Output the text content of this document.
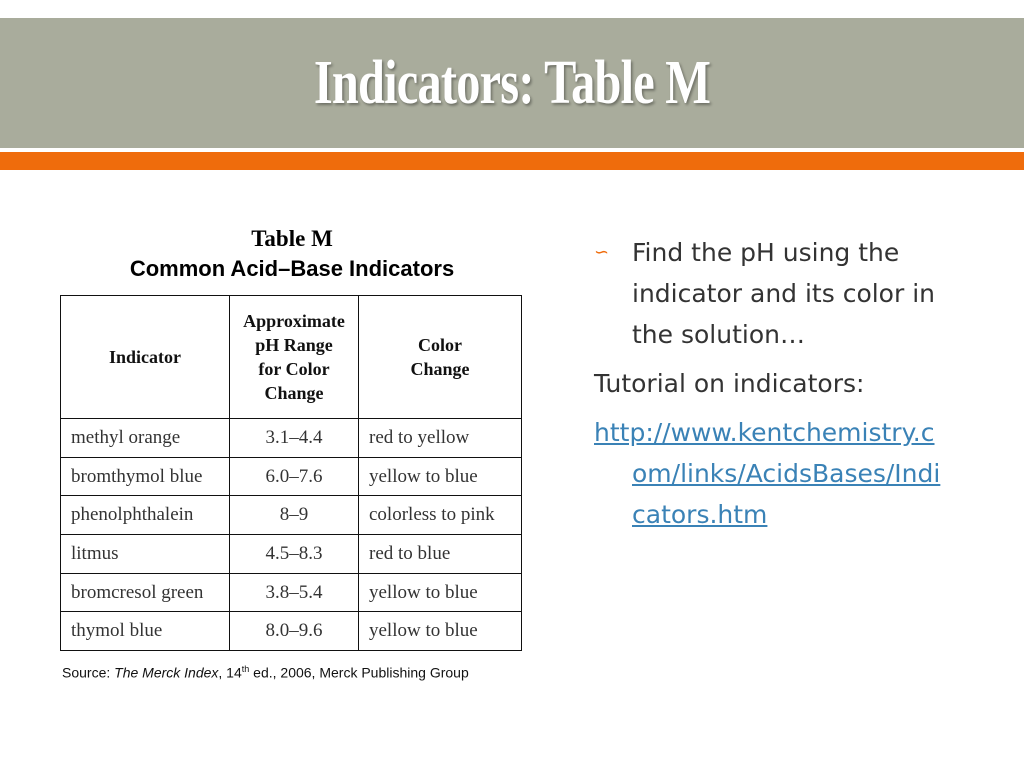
Indicators: Table M
Table M
Common Acid–Base Indicators
Indicator	Approximate
pH Range
for Color
Change	Color
Change
methyl orange	3.1–4.4	red to yellow
bromthymol blue	6.0–7.6	yellow to blue
phenolphthalein	8–9	colorless to pink
litmus	4.5–8.3	red to blue
bromcresol green	3.8–5.4	yellow to blue
thymol blue	8.0–9.6	yellow to blue
Source: The Merck Index, 14th ed., 2006, Merck Publishing Group
∽ Find the pH using the indicator and its color in the solution…
Tutorial on indicators:
http://www.kentchemistry.com/links/AcidsBases/Indicators.htm
